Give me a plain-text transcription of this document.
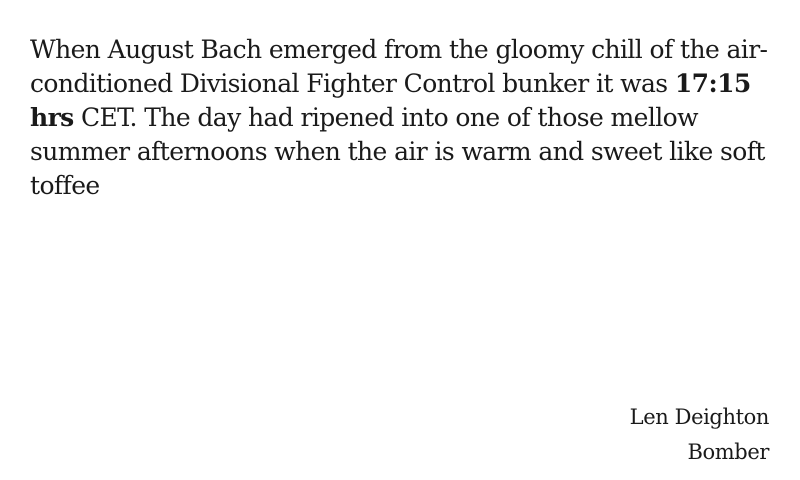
When August Bach emerged from the gloomy chill of the air-conditioned Divisional Fighter Control bunker it was 17:15 hrs CET. The day had ripened into one of those mellow summer afternoons when the air is warm and sweet like soft toffee

Len Deighton
Bomber
